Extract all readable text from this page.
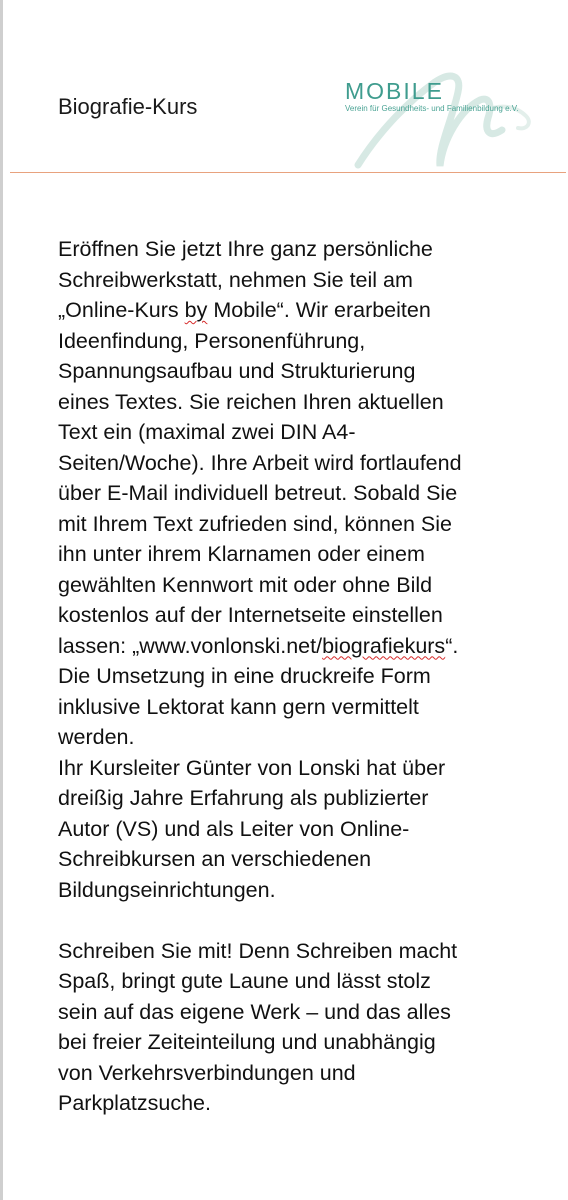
Biografie-Kurs
MOBILE
Verein für Gesundheits- und Familienbildung e.V.

Eröffnen Sie jetzt Ihre ganz persönliche
Schreibwerkstatt, nehmen Sie teil am
„Online-Kurs by Mobile“. Wir erarbeiten
Ideenfindung, Personenführung,
Spannungsaufbau und Strukturierung
eines Textes. Sie reichen Ihren aktuellen
Text ein (maximal zwei DIN A4-
Seiten/Woche). Ihre Arbeit wird fortlaufend
über E-Mail individuell betreut. Sobald Sie
mit Ihrem Text zufrieden sind, können Sie
ihn unter ihrem Klarnamen oder einem
gewählten Kennwort mit oder ohne Bild
kostenlos auf der Internetseite einstellen
lassen: „www.vonlonski.net/biografiekurs“.
Die Umsetzung in eine druckreife Form
inklusive Lektorat kann gern vermittelt
werden.

Ihr Kursleiter Günter von Lonski hat über
dreißig Jahre Erfahrung als publizierter
Autor (VS) und als Leiter von Online-
Schreibkursen an verschiedenen
Bildungseinrichtungen.

Schreiben Sie mit! Denn Schreiben macht
Spaß, bringt gute Laune und lässt stolz
sein auf das eigene Werk – und das alles
bei freier Zeiteinteilung und unabhängig
von Verkehrsverbindungen und
Parkplatzsuche.
